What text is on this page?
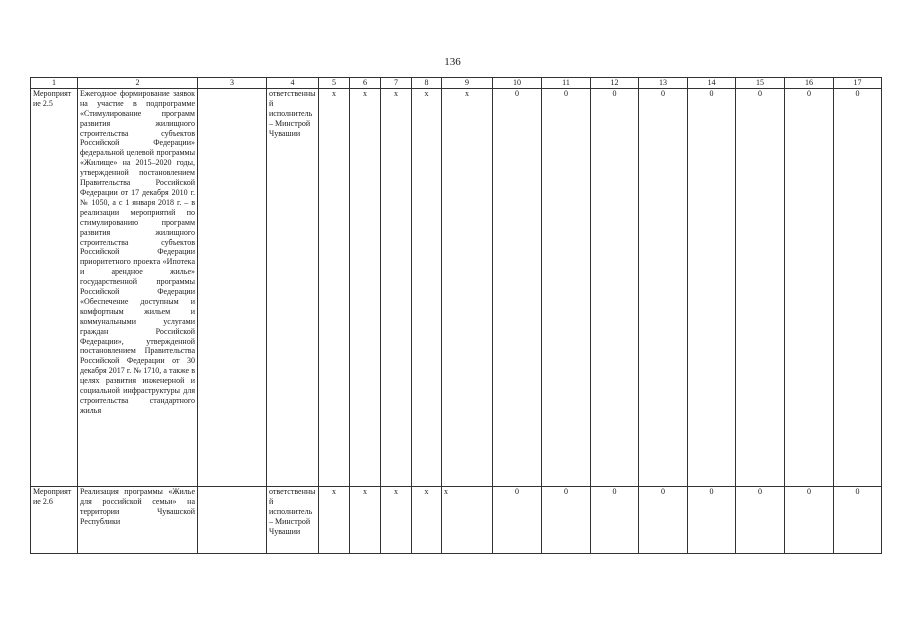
136
1	2	3	4	5	6	7	8	9	10	11	12	13	14	15	16	17
Мероприятие 2.5	Ежегодное формирование заявок на участие в подпрограмме «Стимулирование программ развития жилищного строительства субъектов Российской Федерации» федеральной целевой программы «Жилище» на 2015–2020 годы, утвержденной постановлением Правительства Российской Федерации от 17 декабря 2010 г. № 1050, а с 1 января 2018 г. – в реализации мероприятий по стимулированию программ развития жилищного строительства субъектов Российской Федерации приоритетного проекта «Ипотека и арендное жилье» государственной программы Российской Федерации «Обеспечение доступным и комфортным жильем и коммунальными услугами граждан Российской Федерации», утвержденной постановлением Правительства Российской Федерации от 30 декабря 2017 г. № 1710, а также в целях развития инженерной и социальной инфраструктуры для строительства стандартного жилья		ответственный исполнитель – Минстрой Чувашии	x	x	x	x	x	0	0	0	0	0	0	0	0
Мероприятие 2.6	Реализация программы «Жилье для российской семьи» на территории Чувашской Республики		ответственный исполнитель – Минстрой Чувашии	x	x	x	x	x	0	0	0	0	0	0	0	0
